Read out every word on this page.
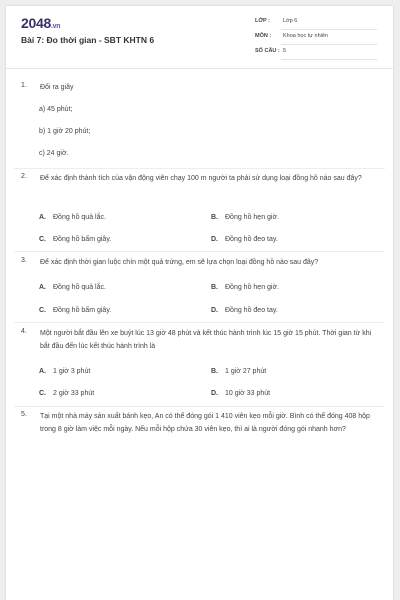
2048.vn
Bài 7: Đo thời gian - SBT KHTN 6
LỚP : Lớp 6
MÔN : Khoa học tự nhiên
SỐ CÂU : 5
1. Đổi ra giây
a) 45 phút;
b) 1 giờ 20 phút;
c) 24 giờ.
2. Để xác định thành tích của vận động viên chạy 100 m người ta phải sử dụng loại đồng hồ nào sau đây?
A. Đồng hồ quả lắc.	B. Đồng hồ hẹn giờ.
C. Đồng hồ bấm giây.	D. Đồng hồ đeo tay.
3. Để xác định thời gian luộc chín một quả trứng, em sẽ lựa chọn loại đồng hồ nào sau đây?
A. Đồng hồ quả lắc.	B. Đồng hồ hẹn giờ.
C. Đồng hồ bấm giây.	D. Đồng hồ đeo tay.
4. Một người bắt đầu lên xe buýt lúc 13 giờ 48 phút và kết thúc hành trình lúc 15 giờ 15 phút. Thời gian từ khi bắt đầu đến lúc kết thúc hành trình là
A. 1 giờ 3 phút	B. 1 giờ 27 phút
C. 2 giờ 33 phút	D. 10 giờ 33 phút
5. Tại một nhà máy sản xuất bánh kẹo, An có thể đóng gói 1 410 viên kẹo mỗi giờ. Bình có thể đóng 408 hộp trong 8 giờ làm việc mỗi ngày. Nếu mỗi hộp chứa 30 viên kẹo, thì ai là người đóng gói nhanh hơn?
